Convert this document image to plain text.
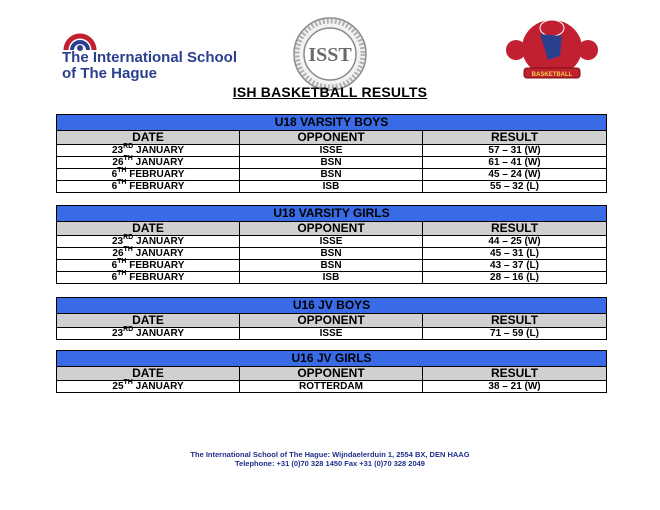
The International School
of The Hague
ISST
BASKETBALL
ISH BASKETBALL RESULTS
U18 VARSITY BOYS		
DATE	OPPONENT	RESULT
23RD JANUARY	ISSE	57 – 31 (W)
26TH JANUARY	BSN	61 – 41 (W)
6TH FEBRUARY	BSN	45 – 24 (W)
6TH FEBRUARY	ISB	55 – 32 (L)
U18 VARSITY GIRLS		
DATE	OPPONENT	RESULT
23RD JANUARY	ISSE	44 – 25 (W)
26TH JANUARY	BSN	45 – 31 (L)
6TH FEBRUARY	BSN	43 – 37 (L)
6TH FEBRUARY	ISB	28 – 16 (L)
U16 JV BOYS		
DATE	OPPONENT	RESULT
23RD JANUARY	ISSE	71 – 59 (L)
U16 JV GIRLS		
DATE	OPPONENT	RESULT
25TH JANUARY	ROTTERDAM	38 – 21 (W)
The International School of The Hague: Wijndaelerduin 1, 2554 BX, DEN HAAG
Telephone: +31 (0)70 328 1450 Fax +31 (0)70 328 2049
